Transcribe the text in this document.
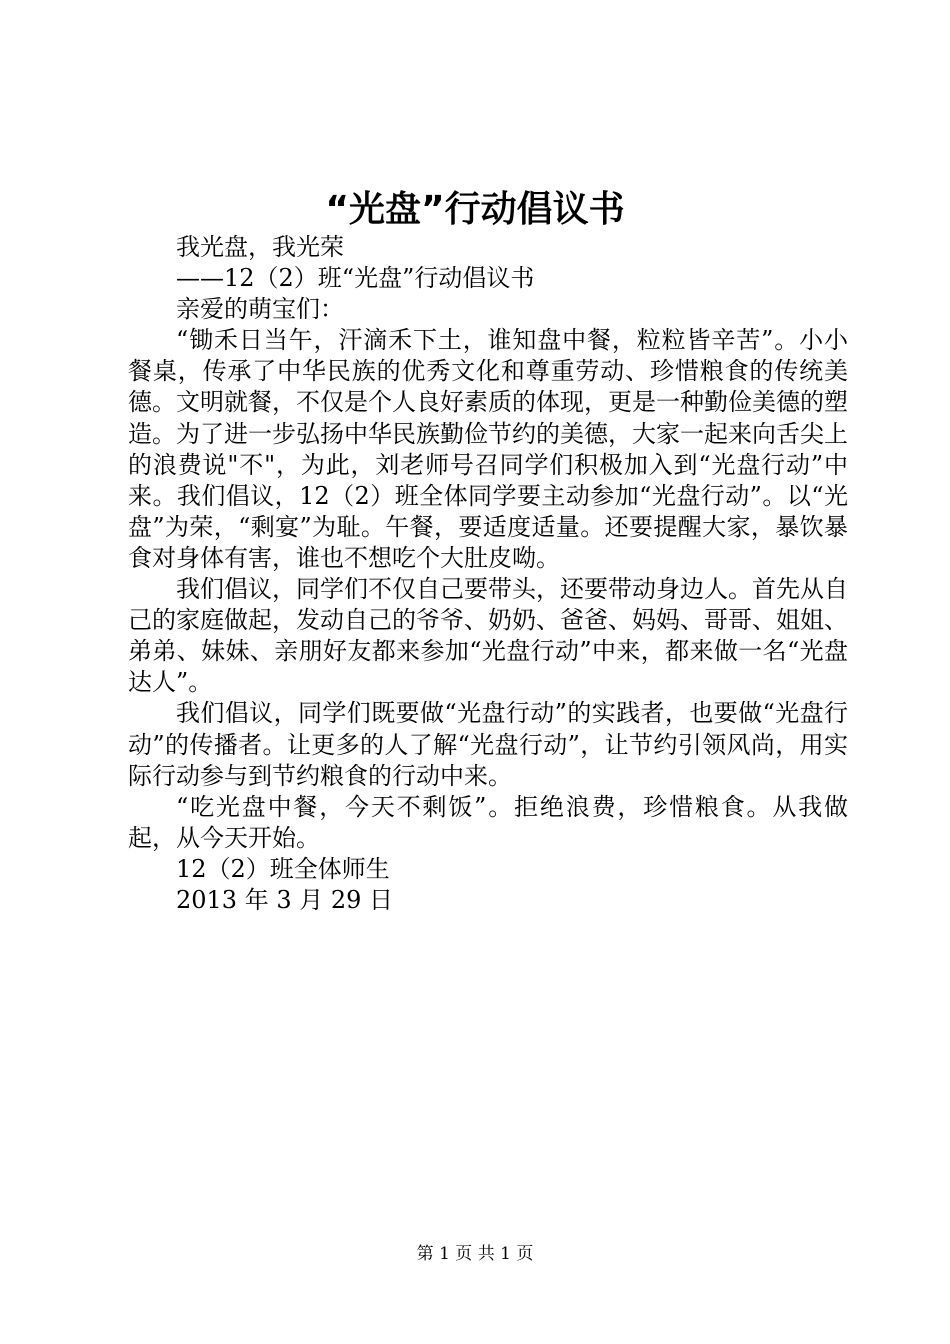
“光盘”行动倡议书

我光盘，我光荣

——12（2）班“光盘”行动倡议书

亲爱的萌宝们：

“锄禾日当午，汗滴禾下土，谁知盘中餐，粒粒皆辛苦”。小小餐桌，传承了中华民族的优秀文化和尊重劳动、珍惜粮食的传统美德。文明就餐，不仅是个人良好素质的体现，更是一种勤俭美德的塑造。为了进一步弘扬中华民族勤俭节约的美德，大家一起来向舌尖上的浪费说"不"，为此，刘老师号召同学们积极加入到“光盘行动”中来。我们倡议，12（2）班全体同学要主动参加“光盘行动”。以“光盘”为荣，“剩宴”为耻。午餐，要适度适量。还要提醒大家，暴饮暴食对身体有害，谁也不想吃个大肚皮呦。

我们倡议，同学们不仅自己要带头，还要带动身边人。首先从自己的家庭做起，发动自己的爷爷、奶奶、爸爸、妈妈、哥哥、姐姐、弟弟、妹妹、亲朋好友都来参加“光盘行动”中来，都来做一名“光盘达人”。

我们倡议，同学们既要做“光盘行动”的实践者，也要做“光盘行动”的传播者。让更多的人了解“光盘行动”，让节约引领风尚，用实际行动参与到节约粮食的行动中来。

“吃光盘中餐，今天不剩饭”。拒绝浪费，珍惜粮食。从我做起，从今天开始。

12（2）班全体师生

2013 年 3 月 29 日

第 1 页 共 1 页
